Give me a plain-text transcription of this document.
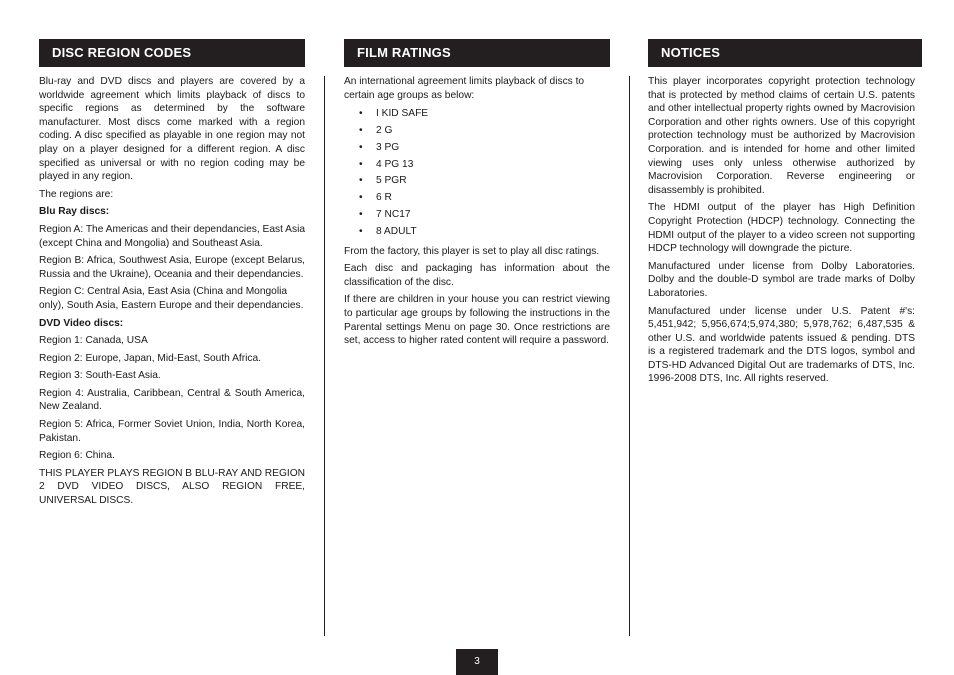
DISC REGION CODES

Blu-ray and DVD discs and players are covered by a worldwide agreement which limits playback of discs to specific regions as determined by the software manufacturer. Most discs come marked with a region coding. A disc specified as playable in one region may not play on a player designed for a different region. A disc specified as universal or with no region coding may be played in any region.

The regions are:

Blu Ray discs:

Region A: The Americas and their dependancies, East Asia (except China and Mongolia) and Southeast Asia.

Region B: Africa, Southwest Asia, Europe (except Belarus, Russia and the Ukraine), Oceania and their dependancies.

Region C: Central Asia, East Asia (China and Mongolia only), South Asia, Eastern Europe and their dependancies.

DVD Video discs:

Region 1: Canada, USA

Region 2: Europe, Japan, Mid-East, South Africa.

Region 3: South-East Asia.

Region 4: Australia, Caribbean, Central & South America, New Zealand.

Region 5: Africa, Former Soviet Union, India, North Korea, Pakistan.

Region 6: China.

THIS PLAYER PLAYS REGION B BLU-RAY AND REGION 2 DVD VIDEO DISCS, ALSO REGION FREE, UNIVERSAL DISCS.

FILM RATINGS

An international agreement limits playback of discs to certain age groups as below:

• I KID SAFE
• 2 G
• 3 PG
• 4 PG 13
• 5 PGR
• 6 R
• 7 NC17
• 8 ADULT

From the factory, this player is set to play all disc ratings.

Each disc and packaging has information about the classification of the disc.

If there are children in your house you can restrict viewing to particular age groups by following the instructions in the Parental settings Menu on page 30. Once restrictions are set, access to higher rated content will require a password.

NOTICES

This player incorporates copyright protection technology that is protected by method claims of certain U.S. patents and other intellectual property rights owned by Macrovision Corporation and other rights owners. Use of this copyright protection technology must be authorized by Macrovision Corporation. and is intended for home and other limited viewing uses only unless otherwise authorized by Macrovision Corporation. Reverse engineering or disassembly is prohibited.

The HDMI output of the player has High Definition Copyright Protection (HDCP) technology. Connecting the HDMI output of the player to a video screen not supporting HDCP technology will downgrade the picture.

Manufactured under license from Dolby Laboratories. Dolby and the double-D symbol are trade marks of Dolby Laboratories.

Manufactured under license under U.S. Patent #'s: 5,451,942; 5,956,674;5,974,380; 5,978,762; 6,487,535 & other U.S. and worldwide patents issued & pending. DTS is a registered trademark and the DTS logos, symbol and DTS-HD Advanced Digital Out are trademarks of DTS, Inc. 1996-2008 DTS, Inc. All rights reserved.

3
